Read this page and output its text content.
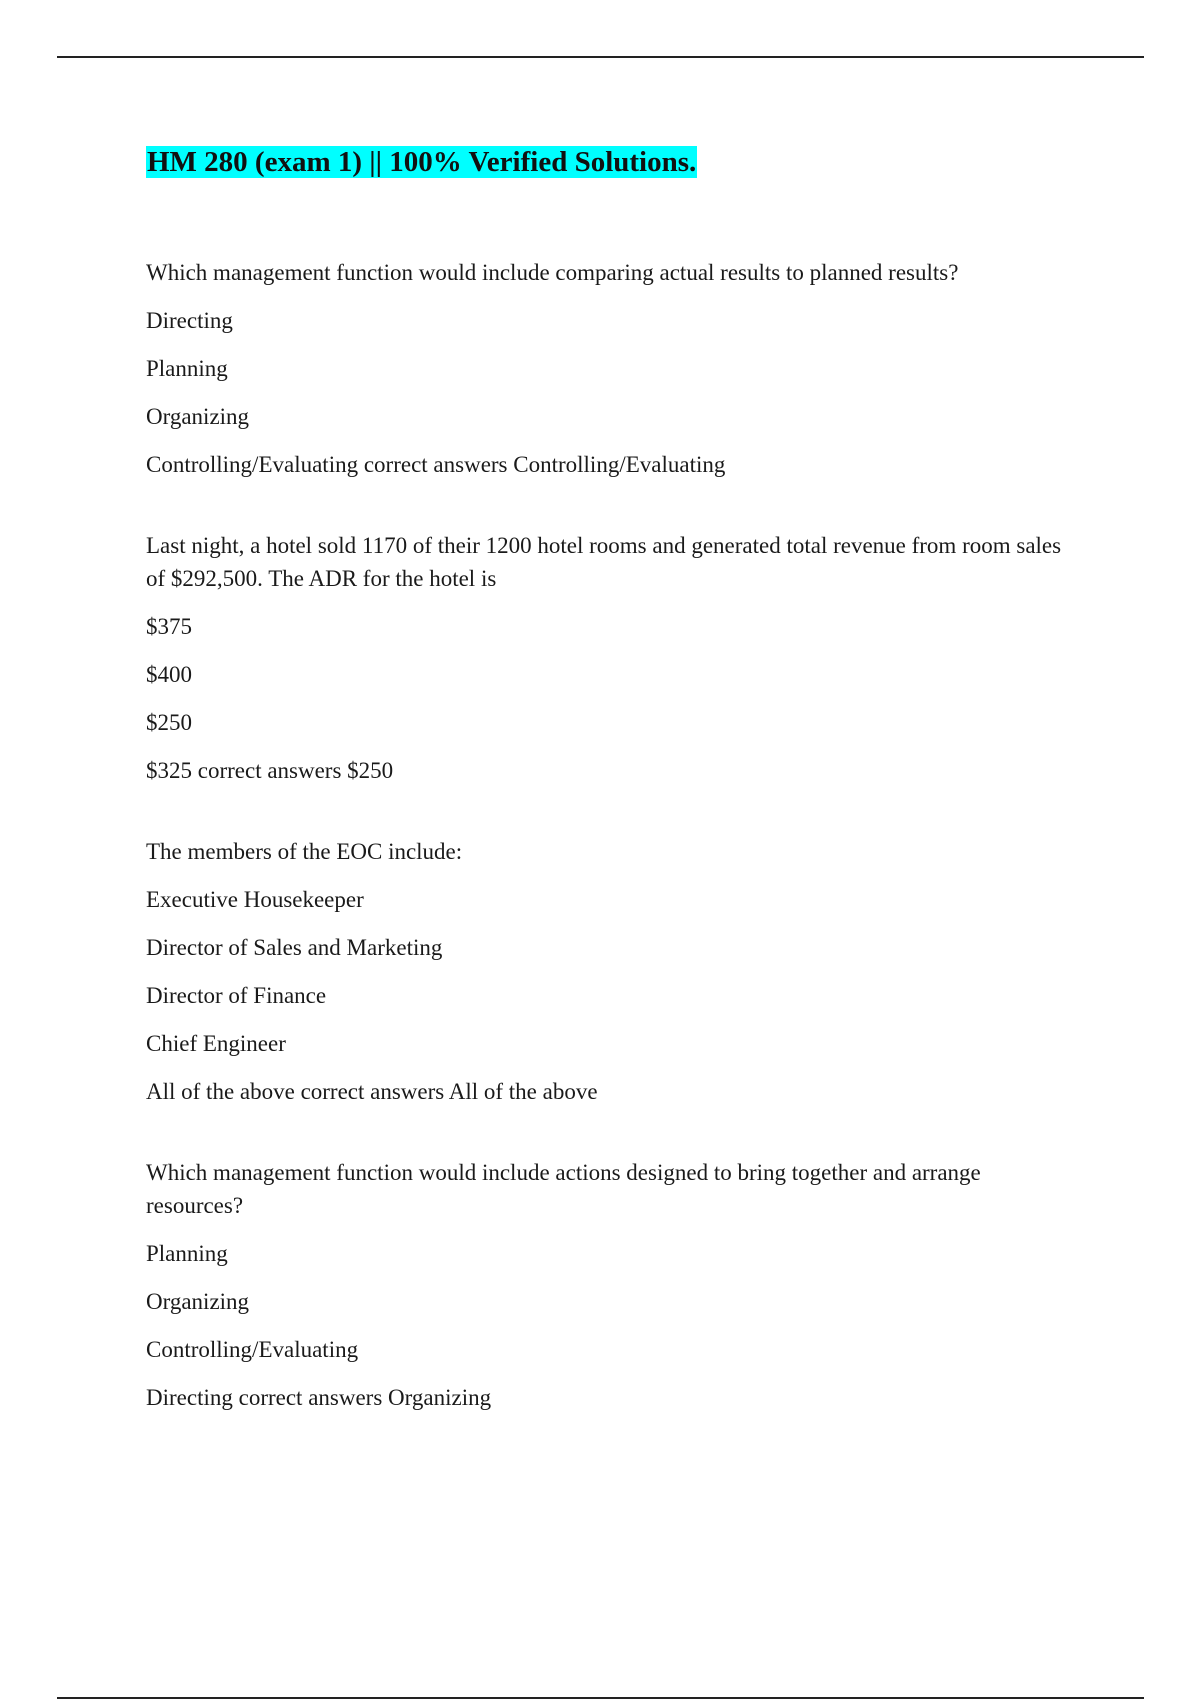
HM 280 (exam 1) || 100% Verified Solutions.

Which management function would include comparing actual results to planned results?

Directing

Planning

Organizing

Controlling/Evaluating correct answers Controlling/Evaluating

Last night, a hotel sold 1170 of their 1200 hotel rooms and generated total revenue from room sales of $292,500. The ADR for the hotel is

$375

$400

$250

$325 correct answers $250

The members of the EOC include:

Executive Housekeeper

Director of Sales and Marketing

Director of Finance

Chief Engineer

All of the above correct answers All of the above

Which management function would include actions designed to bring together and arrange resources?

Planning

Organizing

Controlling/Evaluating

Directing correct answers Organizing
